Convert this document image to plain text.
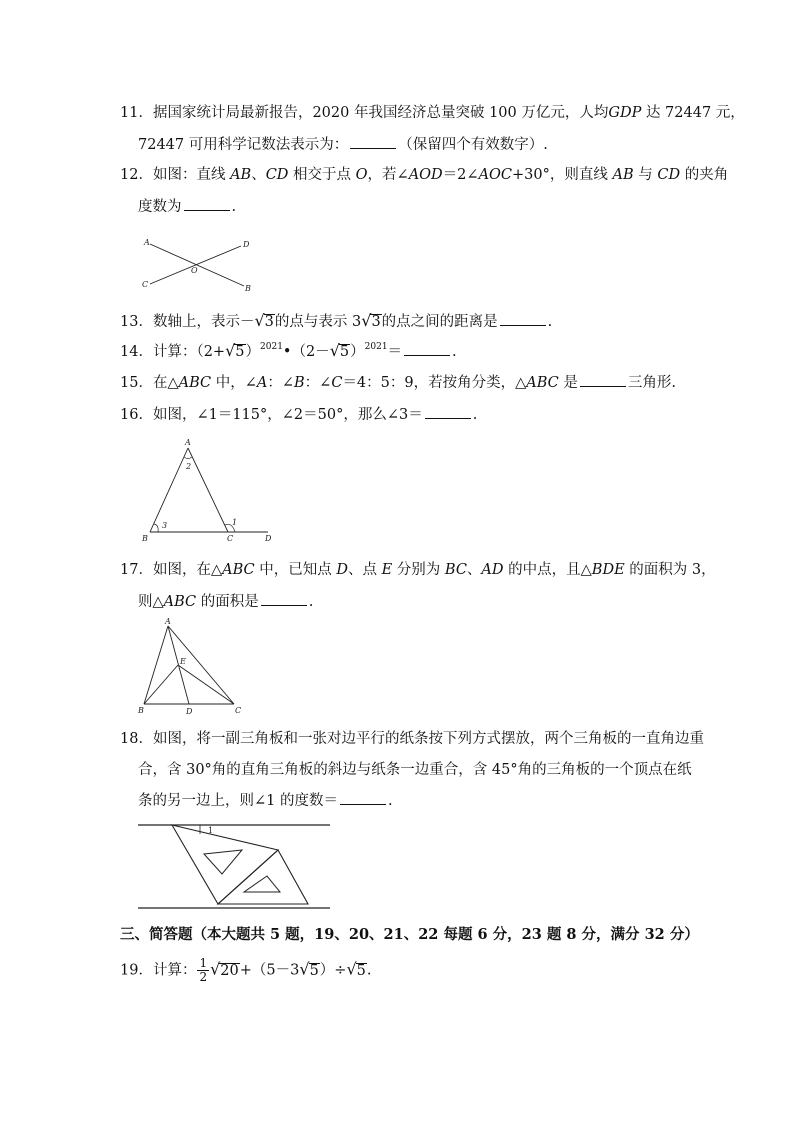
11．据国家统计局最新报告，2020 年我国经济总量突破 100 万亿元，人均GDP 达 72447 元，
72447 可用科学记数法表示为：	（保留四个有效数字）.
12．如图：直线 AB、CD 相交于点 O，若∠AOD＝2∠AOC+30°，则直线 AB 与 CD 的夹角
度数为	.
A	D
O
C	B
13．数轴上，表示－√3的点与表示 3√3的点之间的距离是	.
14．计算：$(2+√5)^{2021}•(2-√5)^{2021}=$	.
15．在△ABC 中，∠A：∠B：∠C＝4：5：9，若按角分类，△ABC 是	三角形.
16．如图，∠1＝115°，∠2＝50°，那么∠3＝	.
A
2
3	1
B	C	D
17．如图，在△ABC 中，已知点 D、点 E 分别为 BC、AD 的中点，且△BDE 的面积为 3，
则△ABC 的面积是	.
A
E
B	D	C
18．如图，将一副三角板和一张对边平行的纸条按下列方式摆放，两个三角板的一直角边重
合，含 30°角的直角三角板的斜边与纸条一边重合，含 45°角的三角板的一个顶点在纸
条的另一边上，则∠1 的度数＝	.
1
三、简答题（本大题共 5 题，19、20、21、22 每题 6 分，23 题 8 分，满分 32 分）
19．计算： $\frac{1}{2} √20+(5-3√5)\div√5$.
